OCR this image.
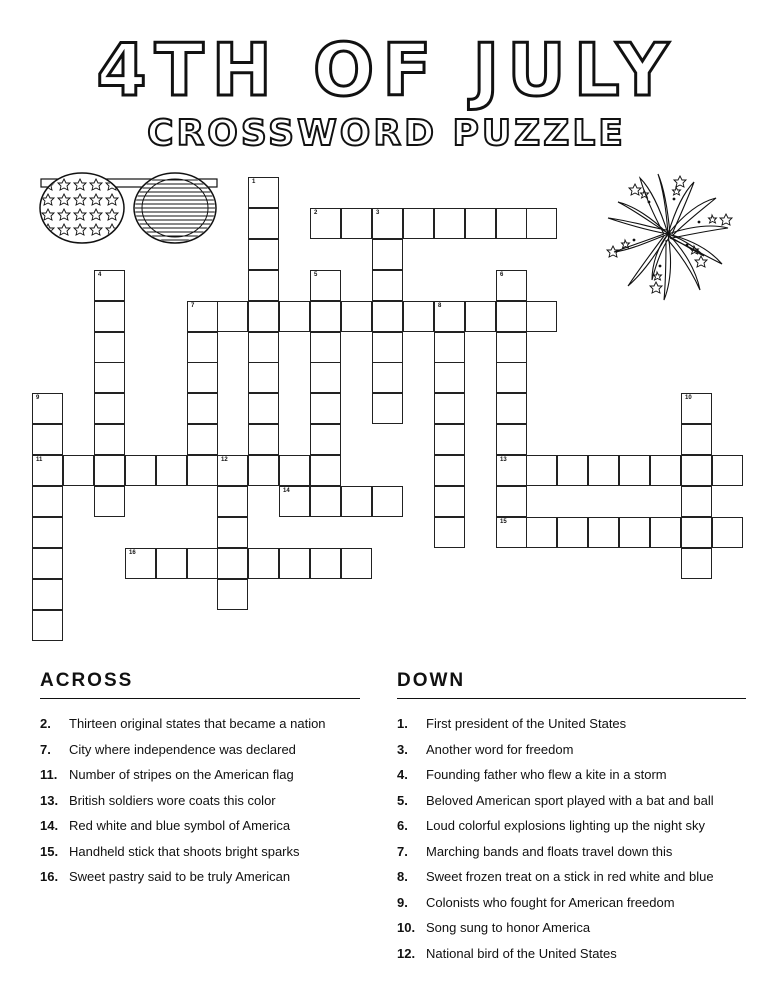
4TH OF JULY
CROSSWORD PUZZLE
1
2	3
4	5	6
13
7	8
9
11
10
12
14
15
16
ACROSS
2.	Thirteen original states that became a nation
7.	City where independence was declared
11. Number of stripes on the American flag
13. British soldiers wore coats this color
14. Red white and blue symbol of America
15. Handheld stick that shoots bright sparks
16. Sweet pastry said to be truly American
DOWN
1.	First president of the United States
3.	Another word for freedom
4.	Founding father who flew a kite in a storm
5.	Beloved American sport played with a bat and ball
6.	Loud colorful explosions lighting up the night sky
7.	Marching bands and floats travel down this
8.	Sweet frozen treat on a stick in red white and blue
9.	Colonists who fought for American freedom
10. Song sung to honor America
12. National bird of the United States
